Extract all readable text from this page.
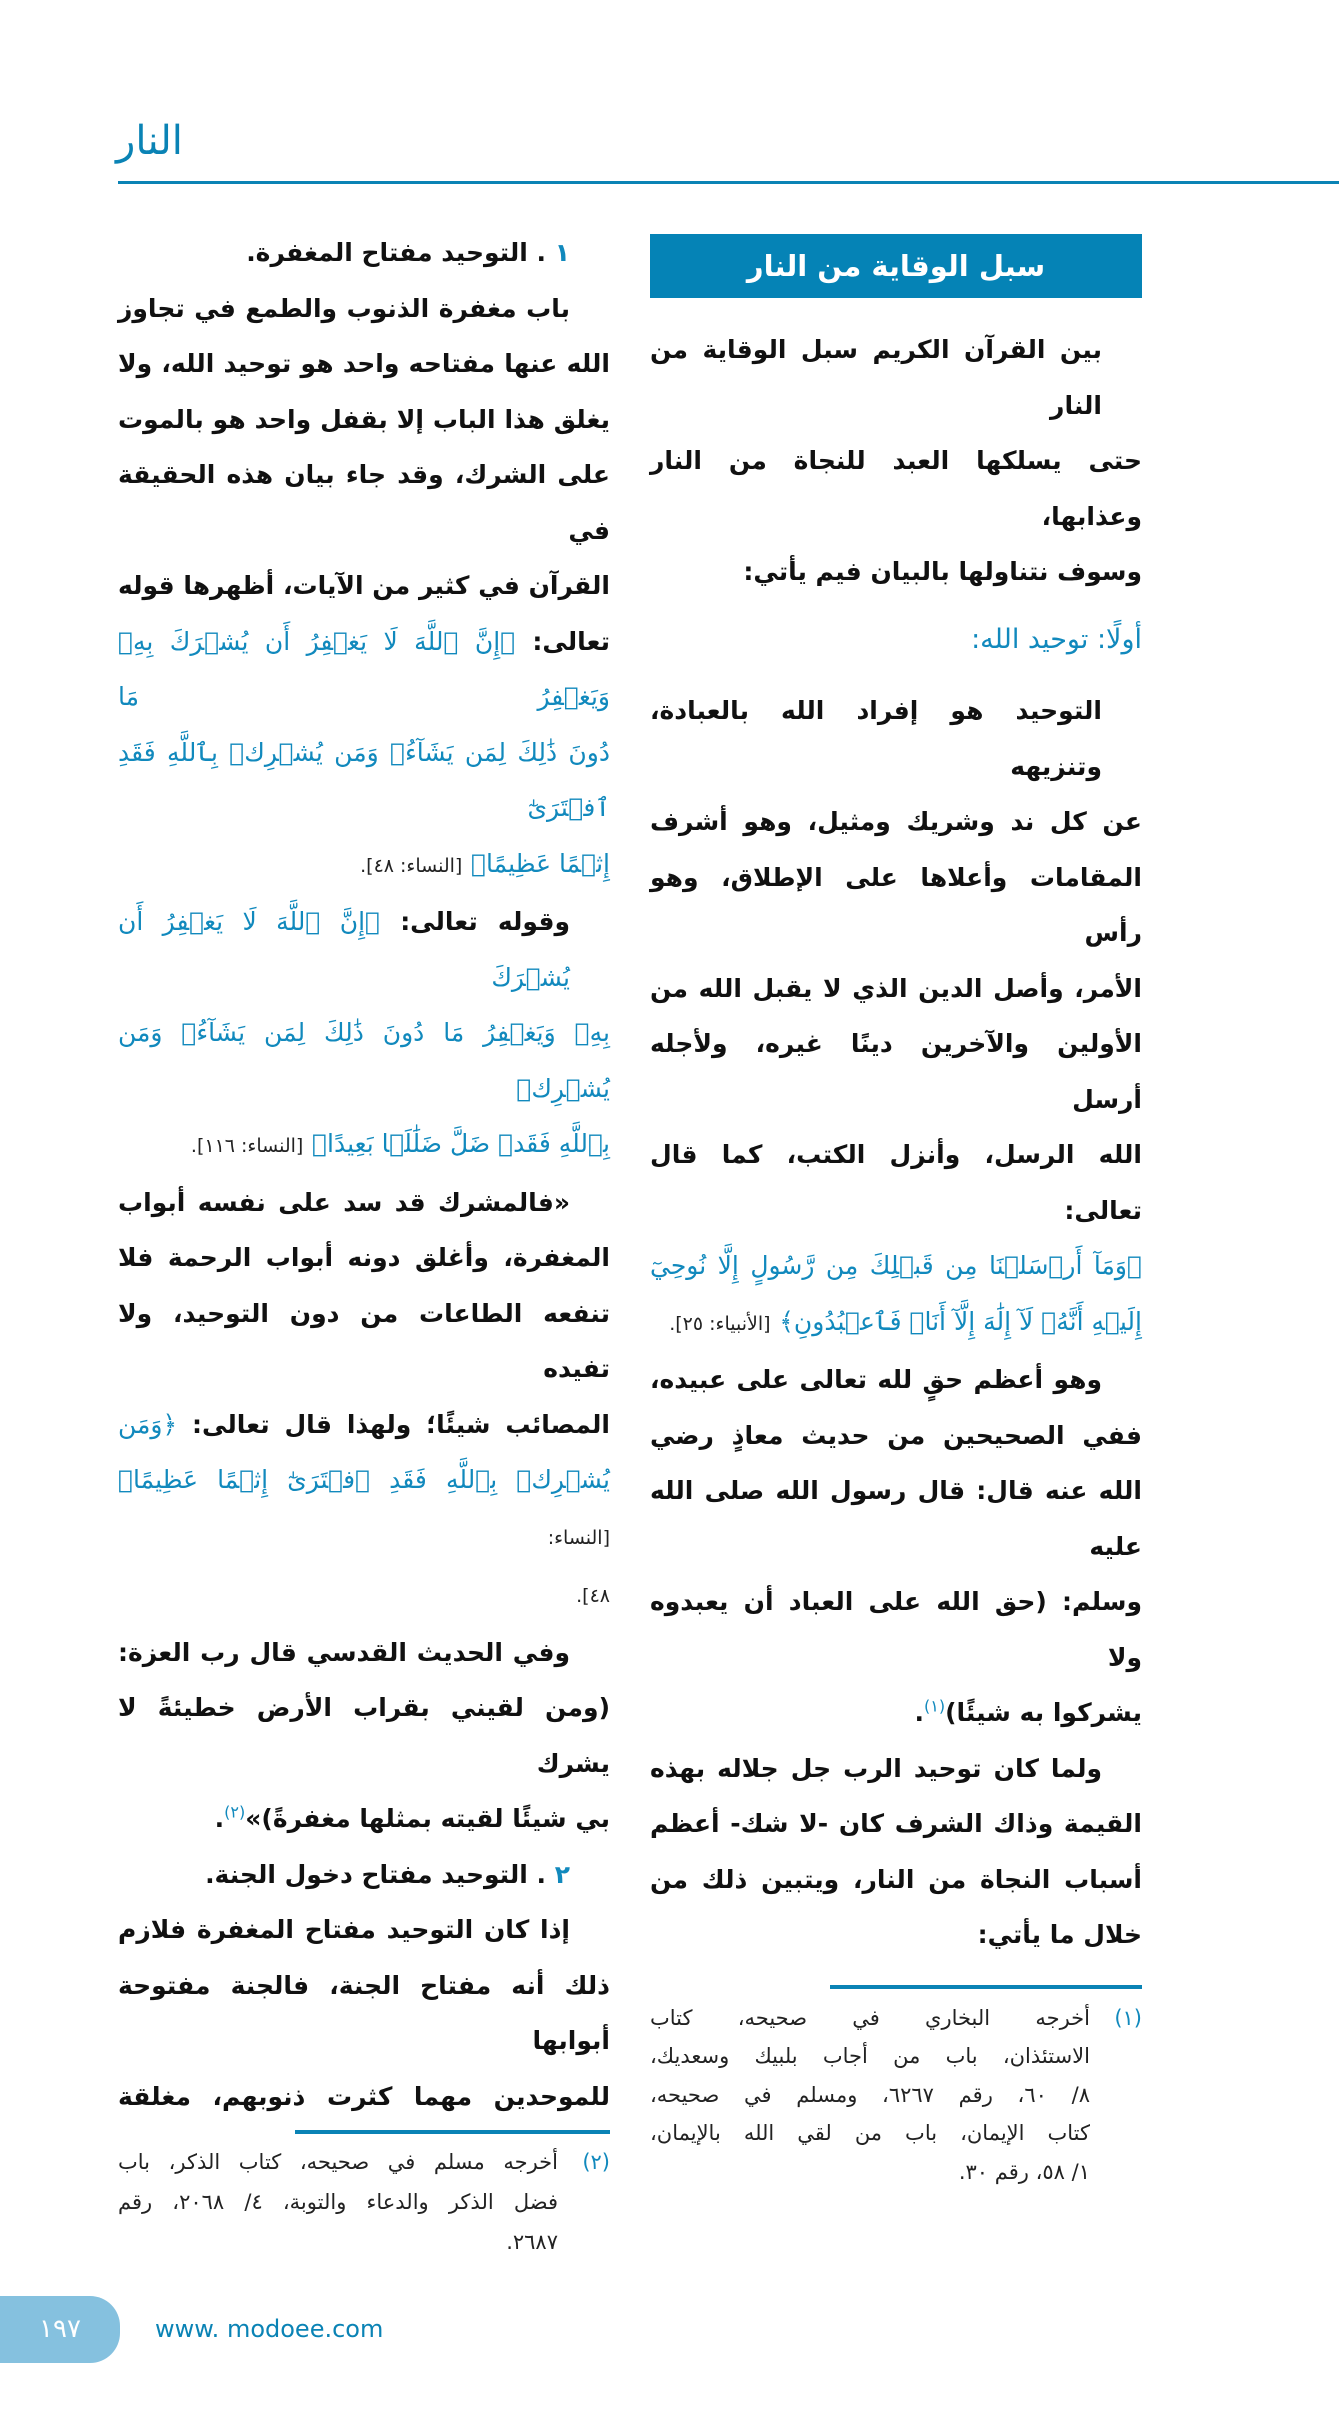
النار
١ . التوحيد مفتاح المغفرة.
باب مغفرة الذنوب والطمع في تجاوز
الله عنها مفتاحه واحد هو توحيد الله، ولا
يغلق هذا الباب إلا بقفل واحد هو بالموت
على الشرك، وقد جاء بيان هذه الحقيقة في
القرآن في كثير من الآيات، أظهرها قوله
تعالى: ﴿إِنَّ ٱللَّهَ لَا يَغۡفِرُ أَن يُشۡرَكَ بِهِۦ وَيَغۡفِرُ مَا
دُونَ ذَٰلِكَ لِمَن يَشَآءُۚ وَمَن يُشۡرِكۡ بِٱللَّهِ فَقَدِ ٱفۡتَرَىٰٓ
إِثۡمًا عَظِيمًا﴾ [النساء: ٤٨].
وقوله تعالى: ﴿إِنَّ ٱللَّهَ لَا يَغۡفِرُ أَن يُشۡرَكَ
بِهِۦ وَيَغۡفِرُ مَا دُونَ ذَٰلِكَ لِمَن يَشَآءُۚ وَمَن يُشۡرِكۡ
بِٱللَّهِ فَقَدۡ ضَلَّ ضَلَٰلَۢا بَعِيدًا﴾ [النساء: ١١٦].
«فالمشرك قد سد على نفسه أبواب
المغفرة، وأغلق دونه أبواب الرحمة فلا
تنفعه الطاعات من دون التوحيد، ولا تفيده
المصائب شيئًا؛ ولهذا قال تعالى: ﴿وَمَن
يُشۡرِكۡ بِٱللَّهِ فَقَدِ ٱفۡتَرَىٰٓ إِثۡمًا عَظِيمًا﴾ [النساء:
٤٨].
وفي الحديث القدسي قال رب العزة:
(ومن لقيني بقراب الأرض خطيئةً لا يشرك
بي شيئًا لقيته بمثلها مغفرةً)»$^{(٢)}$.
٢ . التوحيد مفتاح دخول الجنة.
إذا كان التوحيد مفتاح المغفرة فلازم
ذلك أنه مفتاح الجنة، فالجنة مفتوحة أبوابها
للموحدين مهما كثرت ذنوبهم، مغلقة
(٢)
أخرجه مسلم في صحيحه، كتاب الذكر، باب
فضل الذكر والدعاء والتوبة، ٤/ ٢٠٦٨، رقم
٢٦٨٧.
سبل الوقاية من النار
بين القرآن الكريم سبل الوقاية من النار
حتى يسلكها العبد للنجاة من النار وعذابها،
وسوف نتناولها بالبيان فيم يأتي:
أولًا: توحيد الله:
التوحيد هو إفراد الله بالعبادة، وتنزيهه
عن كل ند وشريك ومثيل، وهو أشرف
المقامات وأعلاها على الإطلاق، وهو رأس
الأمر، وأصل الدين الذي لا يقبل الله من
الأولين والآخرين دينًا غيره، ولأجله أرسل
الله الرسل، وأنزل الكتب، كما قال تعالى:
﴿وَمَآ أَرۡسَلۡنَا مِن قَبۡلِكَ مِن رَّسُولٍ إِلَّا نُوحِيٓ
إِلَيۡهِ أَنَّهُۥ لَآ إِلَٰهَ إِلَّآ أَنَا۠ فَٱعۡبُدُونِ﴾ [الأنبياء: ٢٥].
وهو أعظم حقٍ لله تعالى على عبيده،
ففي الصحيحين من حديث معاذٍ رضي
الله عنه قال: قال رسول الله صلى الله عليه
وسلم: (حق الله على العباد أن يعبدوه ولا
يشركوا به شيئًا)$^{(١)}$.
ولما كان توحيد الرب جل جلاله بهذه
القيمة وذاك الشرف كان -لا شك- أعظم
أسباب النجاة من النار، ويتبين ذلك من
خلال ما يأتي:
(١)
أخرجه البخاري في صحيحه، كتاب
الاستئذان، باب من أجاب بلبيك وسعديك،
٨/ ٦٠، رقم ٦٢٦٧، ومسلم في صحيحه،
كتاب الإيمان، باب من لقي الله بالإيمان،
١/ ٥٨، رقم ٣٠.
١٩٧	www. modoee.com
